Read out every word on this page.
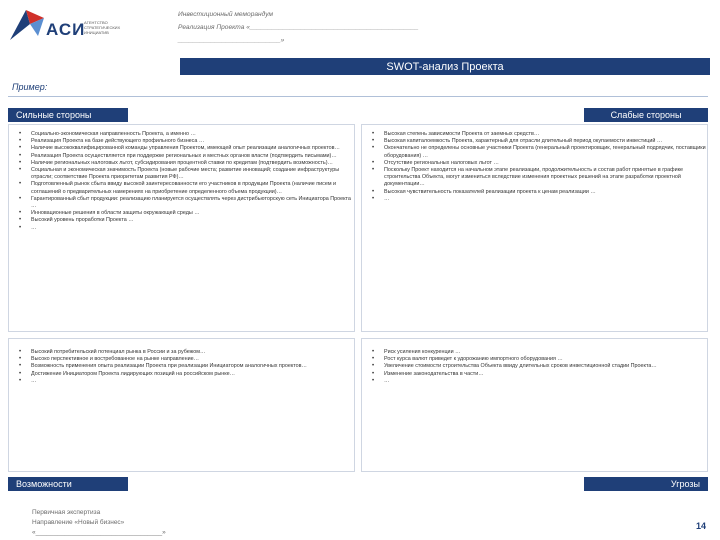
АСИ
АГЕНТСТВО СТРАТЕГИЧЕСКИХ ИНИЦИАТИВ
Инвестиционный меморандум
Реализация Проекта «______________________________________________
____________________________»
SWOT-анализ Проекта
Пример:
Сильные стороны	Слабые стороны
• Социально-экономическая направленность Проекта, а именно …
• Реализация Проекта на базе действующего профильного бизнеса …
• Наличие высококвалифицированной команды управления Проектом, имеющей опыт реализации аналогичных проектов…
• Реализация Проекта осуществляется при поддержке региональных и местных органов власти (подтвердить письмами)…
• Наличие региональных налоговых льгот, субсидирования процентной ставки по кредитам (подтвердить возможность)…
• Социальная и экономическая значимость Проекта (новые рабочие места; развитие инноваций; создание инфраструктуры отрасли; соответствие Проекта приоритетам развития РФ)…
• Подготовленный рынок сбыта ввиду высокой заинтересованности его участников в продукции Проекта (наличие писем и соглашений о предварительных намерениях на приобретение определенного объема продукции)…
• Гарантированный сбыт продукции: реализацию планируется осуществлять через дистрибьюторскую сеть Инициатора Проекта …
• Инновационные решения в области защиты окружающей среды …
• Высокий уровень проработки Проекта …
• …
• Высокая степень зависимости Проекта от заемных средств…
• Высокая капиталоемкость Проекта, характерный для отрасли длительный период окупаемости инвестиций …
• Окончательно не определены основные участники Проекта (генеральный проектировщик, генеральный подрядчик, поставщики оборудования) …
• Отсутствие региональных налоговых льгот …
• Поскольку Проект находится на начальном этапе реализации, продолжительность и состав работ принятые в графике строительства Объекта, могут измениться вследствие изменения проектных решений на этапе разработки проектной документации…
• Высокая чувствительность показателей реализации проекта к ценам реализации …
• …
• Высокий потребительский потенциал рынка в России и за рубежом…
• Высоко перспективное и востребованное на рынке направление…
• Возможность применения опыта реализации Проекта при реализации Инициатором аналогичных проектов…
• Достижение Инициатором Проекта лидирующих позиций на российском рынке…
• …
• Риск усиления конкуренции …
• Рост курса валют приведет к удорожанию импортного оборудования …
• Увеличение стоимости строительства Объекта ввиду длительных сроков инвестиционной стадии Проекта…
• Изменение законодательства в части…
• …
Возможности	Угрозы
Первичная экспертиза
Направление «Новый бизнес»
«___________________________________»
14
